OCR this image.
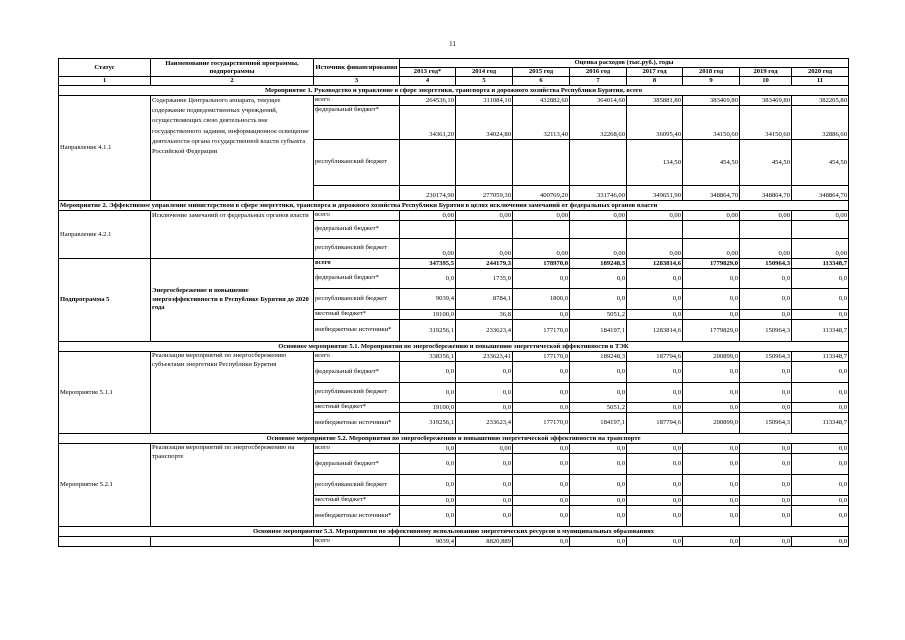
11
Статус	Наименование государственной программы, подпрограммы	Источник финансирования	Оценка расходов (тыс.руб.), годы							
			2013 год*	2014 год	2015 год	2016 год	2017 год	2018 год	2019 год	2020 год
1	2	3	4	5	6	7	8	9	10	11
Мероприятие 1. Руководство и управление в сфере энергетики, транспорта и дорожного хозяйства Республики Бурятия, всего										
Направление 4.1.1	Содержание Центрального аппарата, текущее содержание подведомственных учреждений, осуществляющих свою деятельность вне государственного задания, информационное освещение деятельности органа государственной власти субъекта Российской Федерации	всего	264536,10	311084,10	432882,60	364014,60	385881,80	383469,80	383469,80	382205,80
		федеральный бюджет*	34361,20	34024,80	32113,40	32268,60	36095,40	34150,60	34150,60	32886,60
		республиканский бюджет					134,50	454,50	454,50	454,50
			230174,90	277059,30	400769,20	331746,00	349651,90	348864,70	348864,70	348864,70
Мероприятие 2. Эффективное управление министерством в сфере энергетики, транспорта и дорожного хозяйства Республики Бурятия в целях исключения замечаний от федеральных органов власти										
Направление 4.2.1	Исключение замечаний от федеральных органов власти	всего	0,00	0,00	0,00	0,00	0,00	0,00	0,00	0,00
		федеральный бюджет*								
		республиканский бюджет	0,00	0,00	0,00	0,00	0,00	0,00	0,00	0,00
Подпрограмма 5	Энергосбережение и повышение энергоэффективности в Республике Бурятия до 2020 года	всего	347395,5	244179,3	178970,0	189248,3	1283814,6	1779829,0	150964,3	113348,7
		федеральный бюджет*	0,0	1735,0	0,0	0,0	0,0	0,0	0,0	0,0
		республиканский бюджет	9039,4	8784,1	1800,0	0,0	0,0	0,0	0,0	0,0
		местный бюджет*	19100,0	36,8	0,0	5051,2	0,0	0,0	0,0	0,0
		внебюджетные источники*	319256,1	233623,4	177170,0	184197,1	1283814,6	1779829,0	150964,3	113348,7
Основное мероприятие 5.1. Мероприятия по энергосбережению и повышению энергетической эффективности в ТЭК										
Мероприятие 5.1.1	Реализация мероприятий по энергосбережению субъектами энергетики Республики Бурятия	всего	338356,1	233623,41	177170,0	189248,3	187794,6	200899,0	150964,3	113348,7
		федеральный бюджет*	0,0	0,0	0,0	0,0	0,0	0,0	0,0	0,0
		республиканский бюджет	0,0	0,0	0,0	0,0	0,0	0,0	0,0	0,0
		местный бюджет*	19100,0	0,0	0,0	5051,2	0,0	0,0	0,0	0,0
		внебюджетные источники*	319256,1	233623,4	177170,0	184197,1	187794,6	200899,0	150964,3	113348,7
Основное мероприятие 5.2. Мероприятия по энергосбережению и повышению энергетической эффективности на транспорте										
Мероприятие 5.2.1	Реализация мероприятий по энергосбережению на транспорте	всего	0,0	0,00	0,0	0,0	0,0	0,0	0,0	0,0
		федеральный бюджет*	0,0	0,0	0,0	0,0	0,0	0,0	0,0	0,0
		республиканский бюджет	0,0	0,0	0,0	0,0	0,0	0,0	0,0	0,0
		местный бюджет*	0,0	0,0	0,0	0,0	0,0	0,0	0,0	0,0
		внебюджетные источники*	0,0	0,0	0,0	0,0	0,0	0,0	0,0	0,0
Основное мероприятие 5.3. Мероприятия по эффективному использованию энергетических ресурсов в муниципальных образованиях										
		всего	9039,4	8820,889	0,0	0,0	0,0	0,0	0,0	0,0
